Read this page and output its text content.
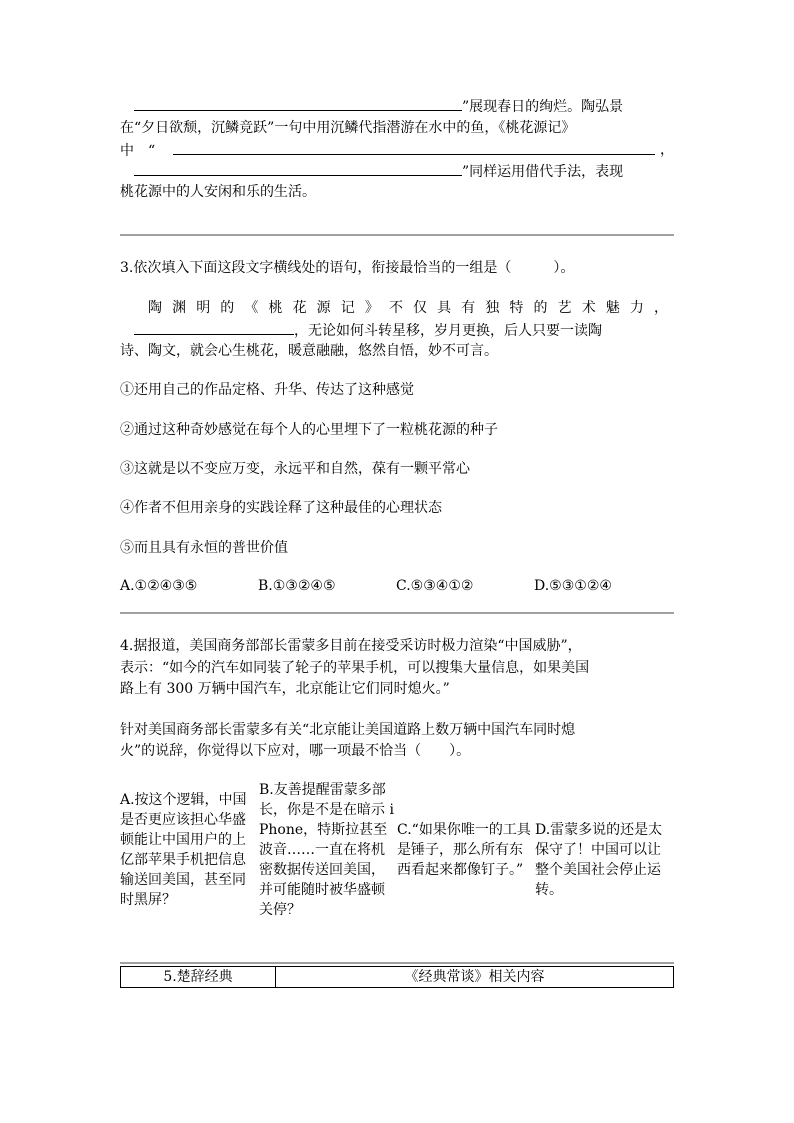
”展现春日的绚烂。陶弘景
在“夕日欲颓，沉鳞竞跃”一句中用沉鳞代指潜游在水中的鱼，《桃花源记》
中　“	，
”同样运用借代手法，表现
桃花源中的人安闲和乐的生活。
3.依次填入下面这段文字横线处的语句，衔接最恰当的一组是（　　　）。
陶渊明的《桃花源记》不仅具有独特的艺术魅力，
，无论如何斗转星移，岁月更换，后人只要一读陶
诗、陶文，就会心生桃花，暖意融融，悠然自悟，妙不可言。
①还用自己的作品定格、升华、传达了这种感觉
②通过这种奇妙感觉在每个人的心里埋下了一粒桃花源的种子
③这就是以不变应万变，永远平和自然，葆有一颗平常心
④作者不但用亲身的实践诠释了这种最佳的心理状态
⑤而且具有永恒的普世价值
A.①②④③⑤	B.①③②④⑤	C.⑤③④①②	D.⑤③①②④
4.据报道，美国商务部部长雷蒙多目前在接受采访时极力渲染“中国威胁”，
表示：“如今的汽车如同装了轮子的苹果手机，可以搜集大量信息，如果美国
路上有 300 万辆中国汽车，北京能让它们同时熄火。”
针对美国商务部长雷蒙多有关“北京能让美国道路上数万辆中国汽车同时熄
火”的说辞，你觉得以下应对，哪一项最不恰当（　　）。
A.按这个逻辑，中国是否更应该担心华盛顿能让中国用户的上亿部苹果手机把信息输送回美国，甚至同时黑屏？
B.友善提醒雷蒙多部长，你是不是在暗示 iPhone，特斯拉甚至波音……一直在将机密数据传送回美国，并可能随时被华盛顿关停？
C.“如果你唯一的工具是锤子，那么所有东西看起来都像钉子。”
D.雷蒙多说的还是太保守了！中国可以让整个美国社会停止运转。
5.楚辞经典	《经典常谈》相关内容
